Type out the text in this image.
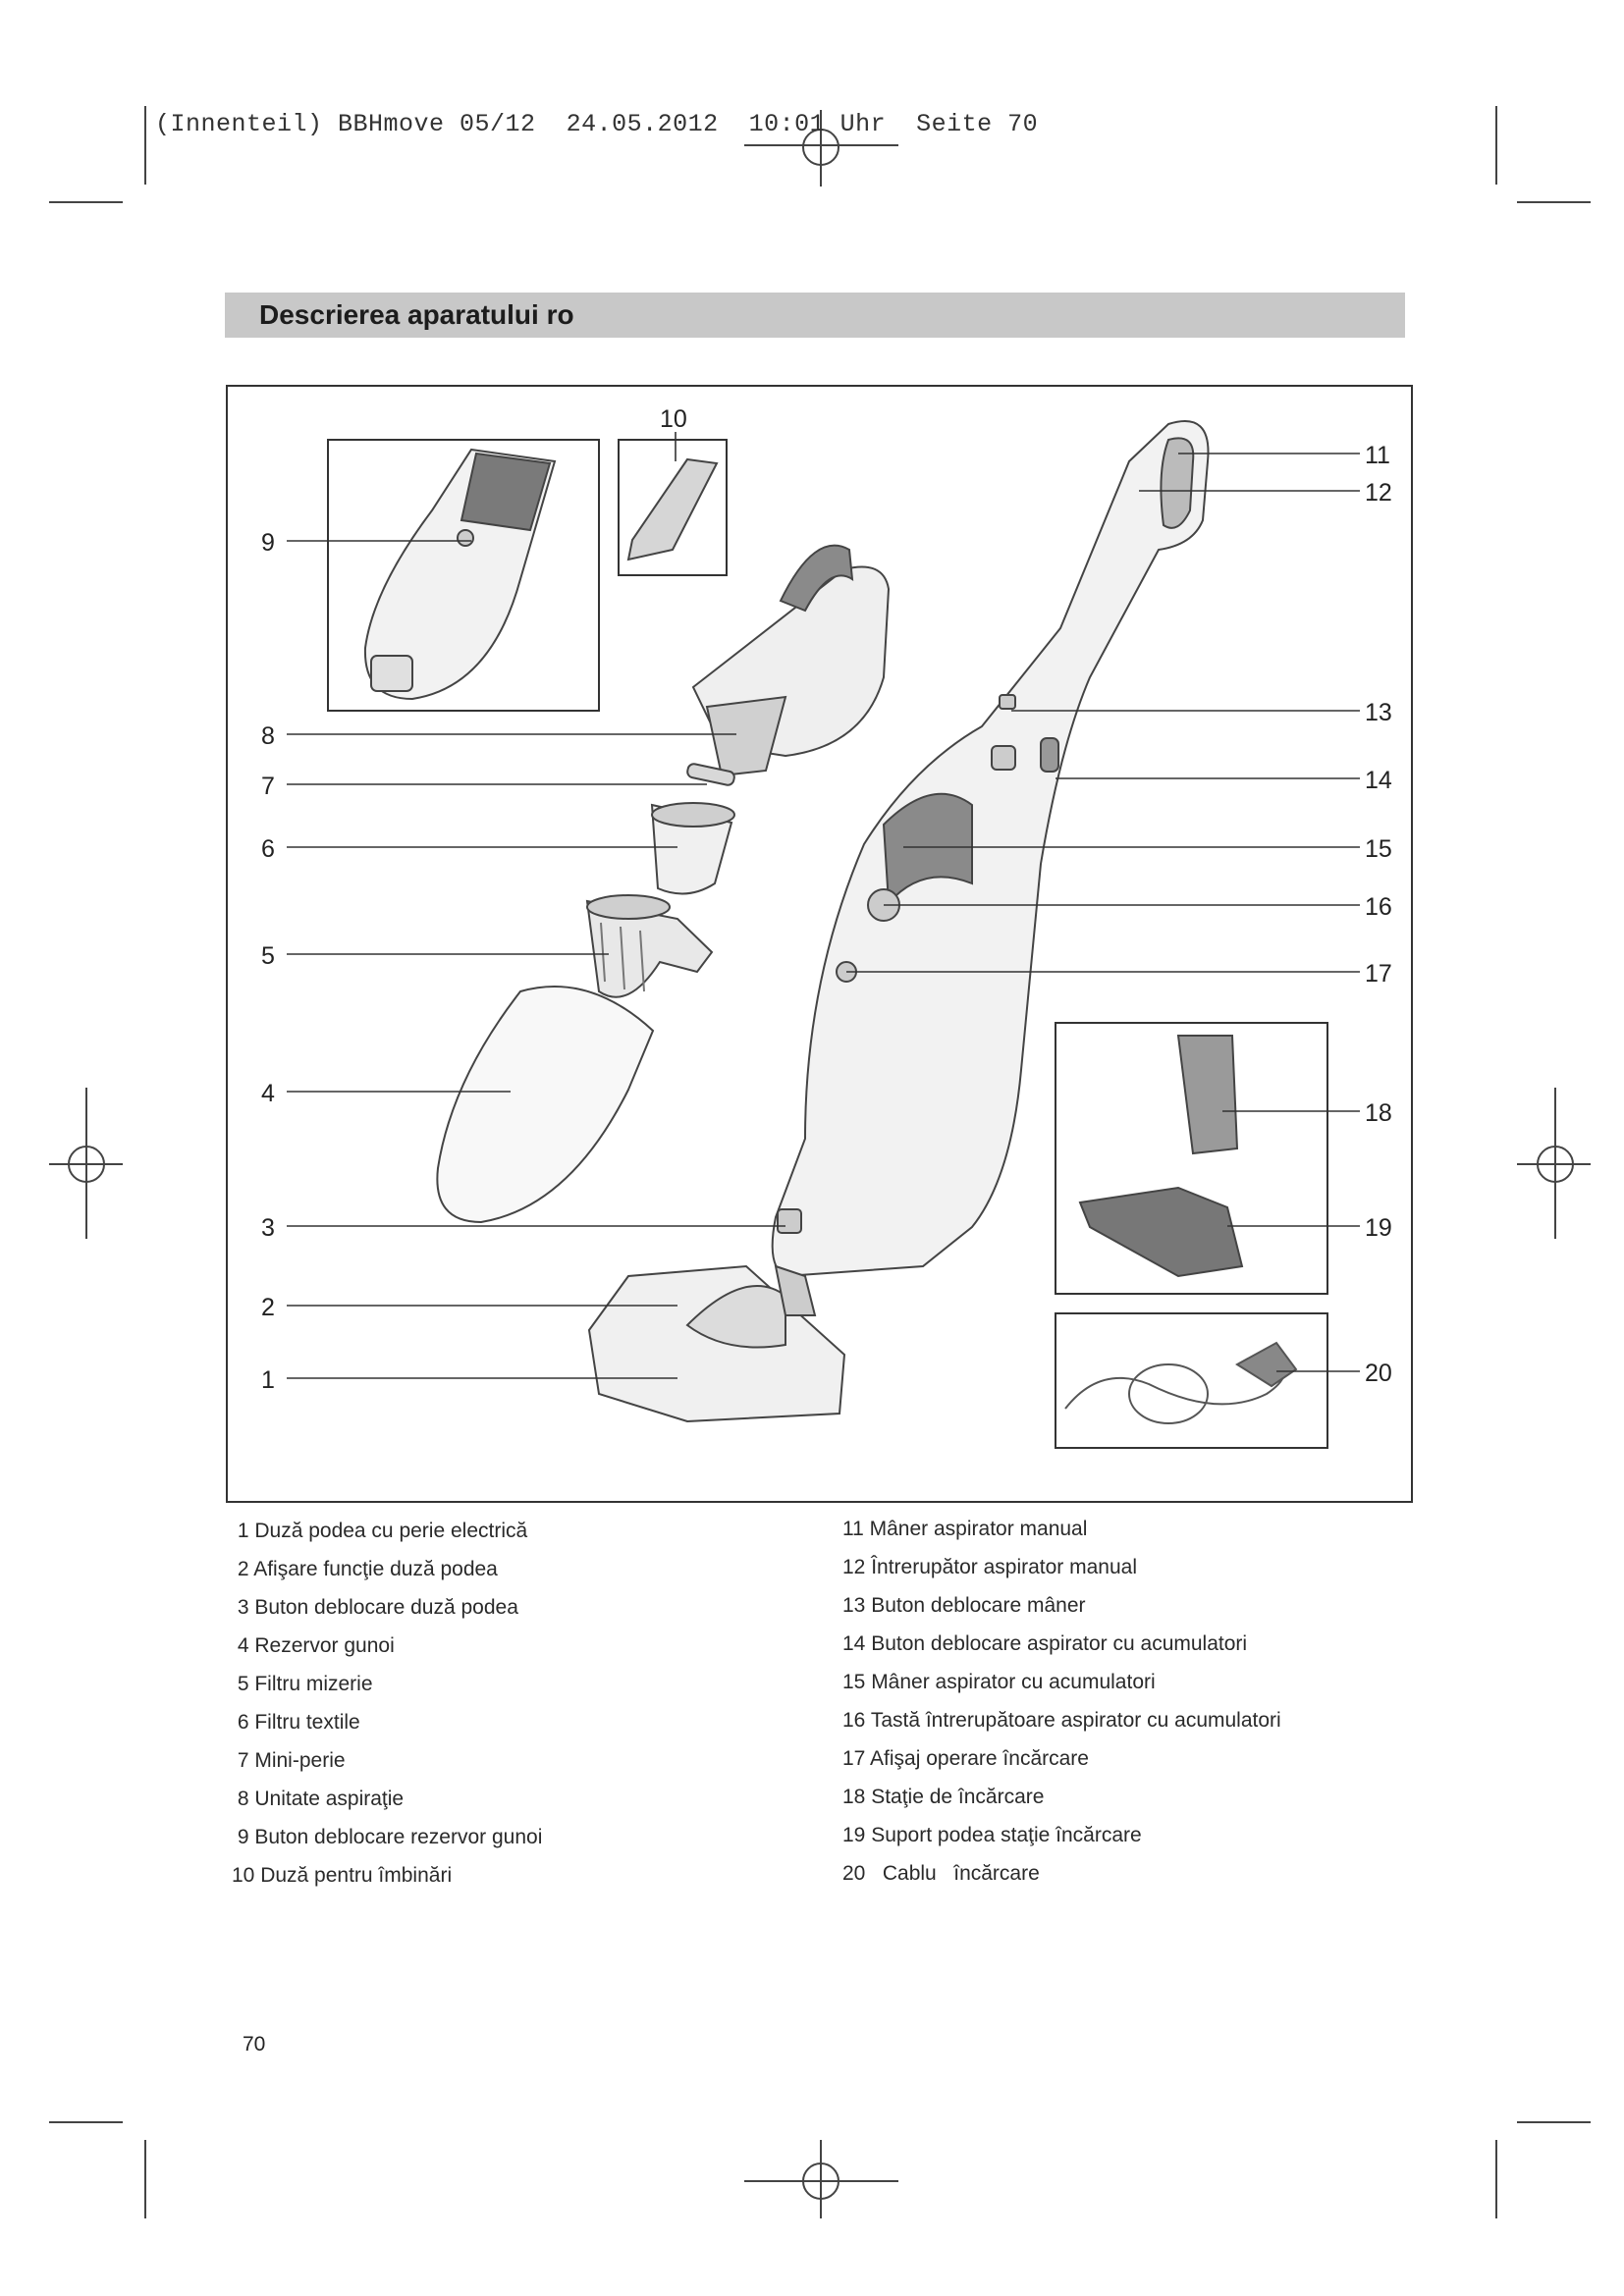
(Innenteil) BBHmove 05/12  24.05.2012  10:01 Uhr  Seite 70
Descrierea aparatului ro
1
2
3
4
5
6
7
8
9
10
11
12
13
14
15
16
17
18
19
20
1 Duză podea cu perie electrică
2 Afişare funcţie duză podea
3 Buton deblocare duză podea
4 Rezervor gunoi
5 Filtru mizerie
6 Filtru textile
7 Mini-perie
8 Unitate aspiraţie
9 Buton deblocare rezervor gunoi
10 Duză pentru îmbinări
11 Mâner aspirator manual
12 Întrerupător aspirator manual
13 Buton deblocare mâner
14 Buton deblocare aspirator cu acumulatori
15 Mâner aspirator cu acumulatori
16 Tastă întrerupătoare aspirator cu acumulatori
17 Afişaj operare încărcare
18 Staţie de încărcare
19 Suport podea staţie încărcare
20   Cablu   încărcare
70
